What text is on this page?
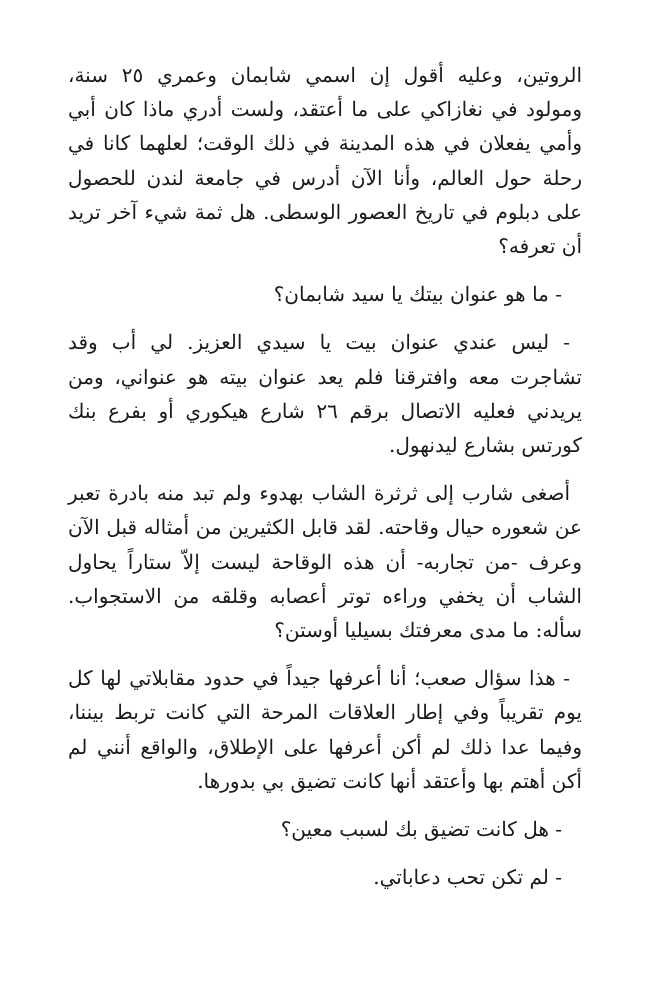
الروتين، وعليه أقول إن اسمي شابمان وعمري ٢٥ سنة، ومولود في نغازاكي على ما أعتقد، ولست أدري ماذا كان أبي وأمي يفعلان في هذه المدينة في ذلك الوقت؛ لعلهما كانا في رحلة حول العالم، وأنا الآن أدرس في جامعة لندن للحصول على دبلوم في تاريخ العصور الوسطى. هل ثمة شيء آخر تريد أن تعرفه؟

- ما هو عنوان بيتك يا سيد شابمان؟

- ليس عندي عنوان بيت يا سيدي العزيز. لي أب وقد تشاجرت معه وافترقنا فلم يعد عنوان بيته هو عنواني، ومن يريدني فعليه الاتصال برقم ٢٦ شارع هيكوري أو بفرع بنك كورتس بشارع ليدنهول.

أصغى شارب إلى ثرثرة الشاب بهدوء ولم تبد منه بادرة تعبر عن شعوره حيال وقاحته. لقد قابل الكثيرين من أمثاله قبل الآن وعرف -من تجاربه- أن هذه الوقاحة ليست إلاّ ستاراً يحاول الشاب أن يخفي وراءه توتر أعصابه وقلقه من الاستجواب. سأله: ما مدى معرفتك بسيليا أوستن؟

- هذا سؤال صعب؛ أنا أعرفها جيداً في حدود مقابلاتي لها كل يوم تقريباً وفي إطار العلاقات المرحة التي كانت تربط بيننا، وفيما عدا ذلك لم أكن أعرفها على الإطلاق، والواقع أنني لم أكن أهتم بها وأعتقد أنها كانت تضيق بي بدورها.

- هل كانت تضيق بك لسبب معين؟

- لم تكن تحب دعاباتي.
